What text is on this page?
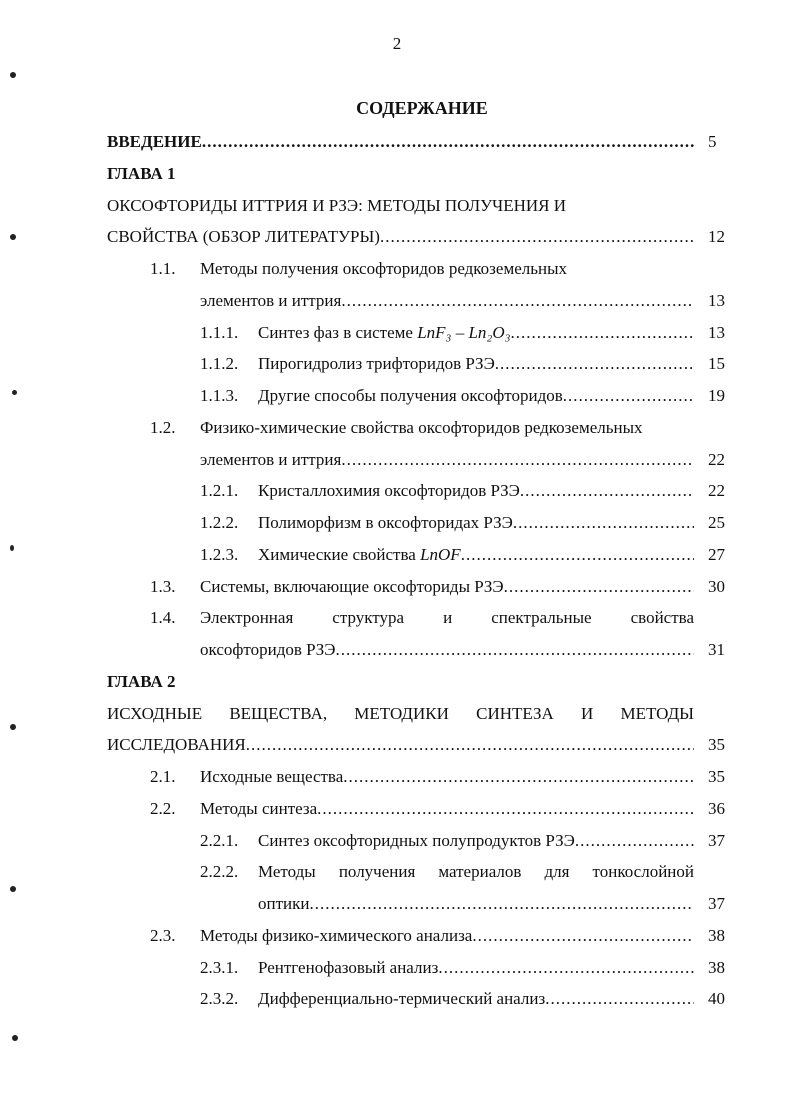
2
СОДЕРЖАНИЕ
ВВЕДЕНИЕ .....	5
ГЛАВА 1
ОКСОФТОРИДЫ ИТТРИЯ И РЗЭ: МЕТОДЫ ПОЛУЧЕНИЯ И
СВОЙСТВА (ОБЗОР ЛИТЕРАТУРЫ) .....	12
1.1. Методы получения оксофторидов редкоземельных
элементов и иттрия .....	13
1.1.1. Синтез фаз в системе LnF₃ – Ln₂O₃ .....	13
1.1.2. Пирогидролиз трифторидов РЗЭ .....	15
1.1.3. Другие способы получения оксофторидов .....	19
1.2. Физико-химические свойства оксофторидов редкоземельных
элементов и иттрия .....	22
1.2.1. Кристаллохимия оксофторидов РЗЭ .....	22
1.2.2. Полиморфизм в оксофторидах РЗЭ .....	25
1.2.3. Химические свойства LnOF .....	27
1.3. Системы, включающие оксофториды РЗЭ .....	30
1.4. Электронная структура и спектральные свойства
оксофторидов РЗЭ .....	31
ГЛАВА 2
ИСХОДНЫЕ ВЕЩЕСТВА, МЕТОДИКИ СИНТЕЗА И МЕТОДЫ
ИССЛЕДОВАНИЯ .....	35
2.1. Исходные вещества .....	35
2.2. Методы синтеза .....	36
2.2.1. Синтез оксофторидных полупродуктов РЗЭ .....	37
2.2.2. Методы получения материалов для тонкослойной
оптики .....	37
2.3. Методы физико-химического анализа .....	38
2.3.1. Рентгенофазовый анализ .....	38
2.3.2. Дифференциально-термический анализ .....	40
